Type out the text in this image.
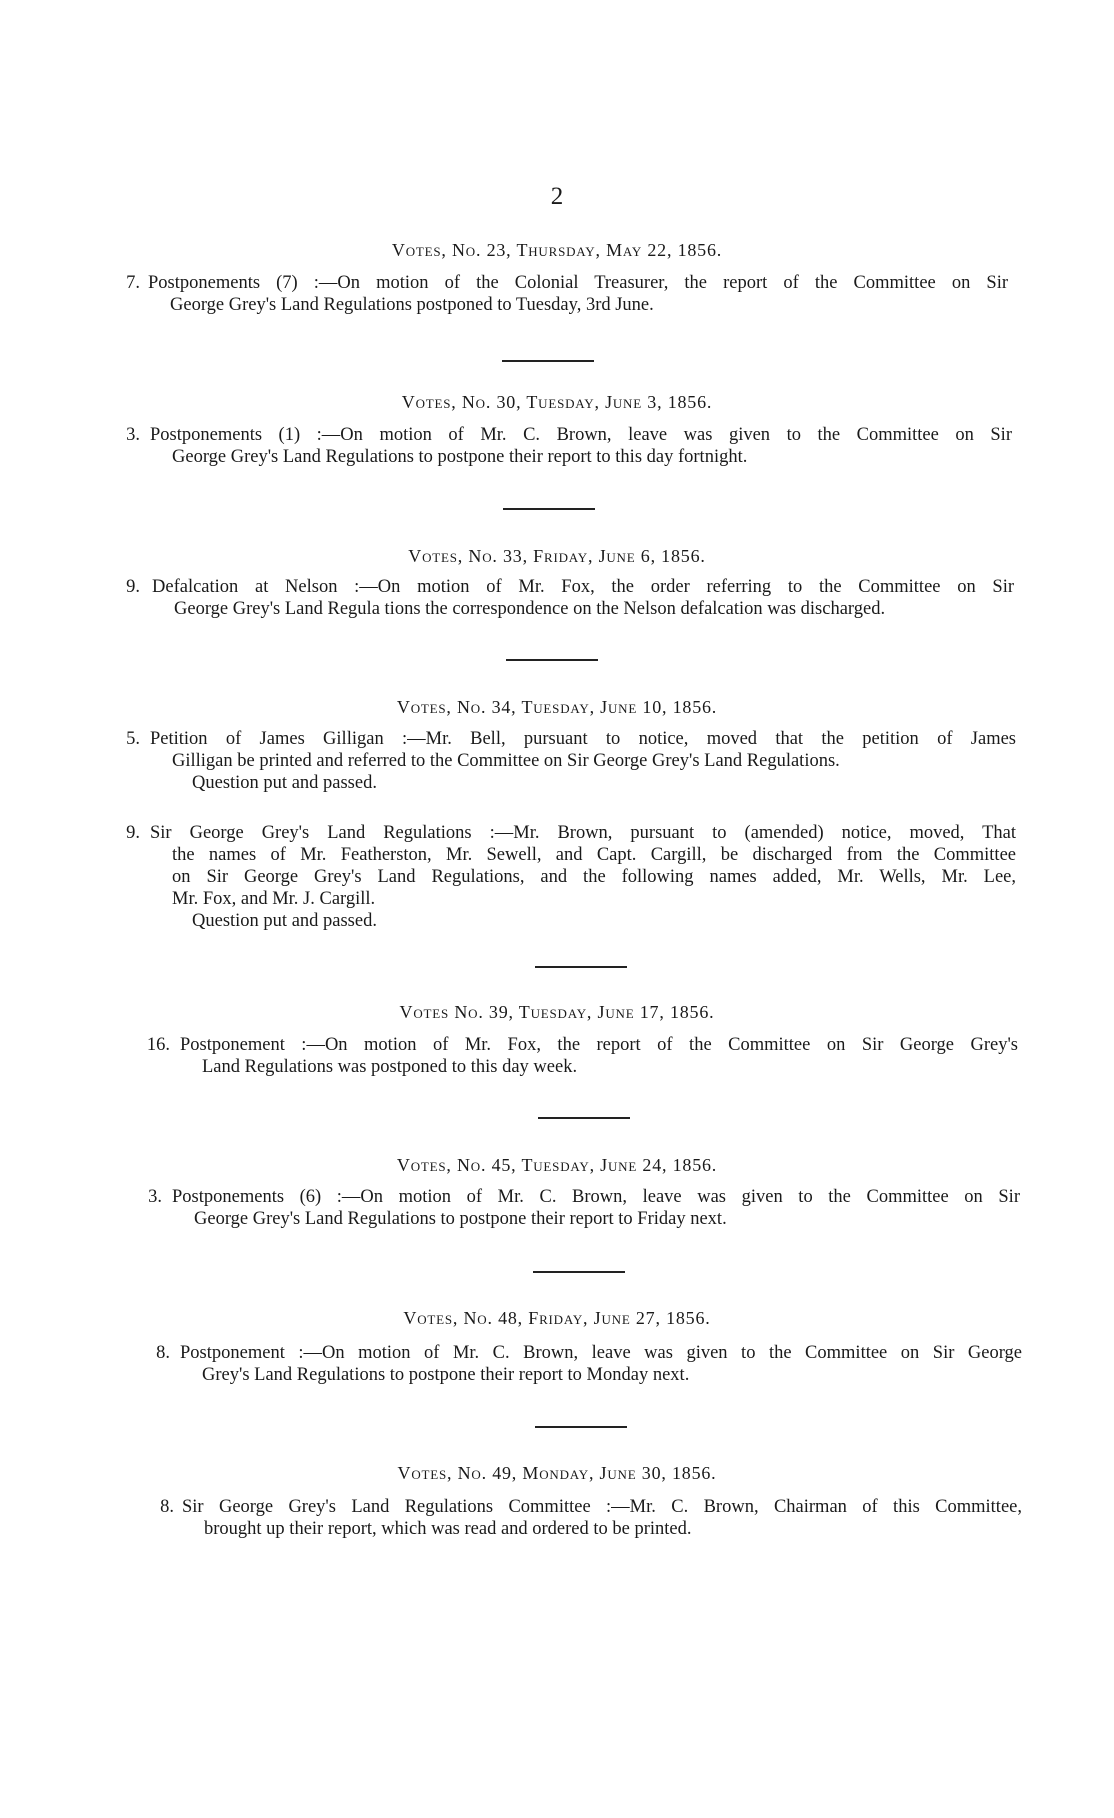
2
Votes, No. 23, Thursday, May 22, 1856.
7. Postponements (7) :—On motion of the Colonial Treasurer, the report of the Committee on Sir
George Grey's Land Regulations postponed to Tuesday, 3rd June.
Votes, No. 30, Tuesday, June 3, 1856.
3. Postponements (1) :—On motion of Mr. C. Brown, leave was given to the Committee on Sir
George Grey's Land Regulations to postpone their report to this day fortnight.
Votes, No. 33, Friday, June 6, 1856.
9. Defalcation at Nelson :—On motion of Mr. Fox, the order referring to the Committee on Sir
George Grey's Land Regula tions the correspondence on the Nelson defalcation was discharged.
Votes, No. 34, Tuesday, June 10, 1856.
5. Petition of James Gilligan :—Mr. Bell, pursuant to notice, moved that the petition of James
Gilligan be printed and referred to the Committee on Sir George Grey's Land Regulations.
Question put and passed.
9. Sir George Grey's Land Regulations :—Mr. Brown, pursuant to (amended) notice, moved, That
the names of Mr. Featherston, Mr. Sewell, and Capt. Cargill, be discharged from the Committee
on Sir George Grey's Land Regulations, and the following names added, Mr. Wells, Mr. Lee,
Mr. Fox, and Mr. J. Cargill.
Question put and passed.
Votes No. 39, Tuesday, June 17, 1856.
16. Postponement :—On motion of Mr. Fox, the report of the Committee on Sir George Grey's
Land Regulations was postponed to this day week.
Votes, No. 45, Tuesday, June 24, 1856.
3. Postponements (6) :—On motion of Mr. C. Brown, leave was given to the Committee on Sir
George Grey's Land Regulations to postpone their report to Friday next.
Votes, No. 48, Friday, June 27, 1856.
8. Postponement :—On motion of Mr. C. Brown, leave was given to the Committee on Sir George
Grey's Land Regulations to postpone their report to Monday next.
Votes, No. 49, Monday, June 30, 1856.
8. Sir George Grey's Land Regulations Committee :—Mr. C. Brown, Chairman of this Committee,
brought up their report, which was read and ordered to be printed.
